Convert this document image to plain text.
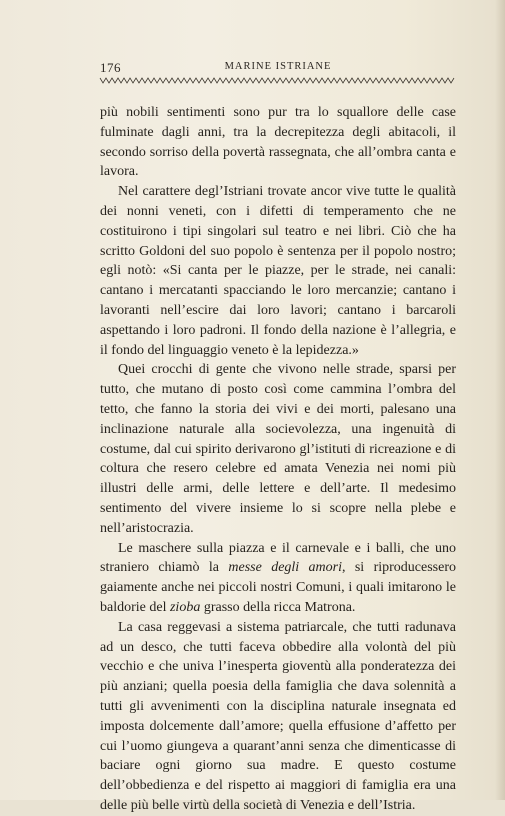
176	MARINE ISTRIANE

più nobili sentimenti sono pur tra lo squallore delle case fulminate dagli anni, tra la decrepitezza degli abitacoli, il secondo sorriso della povertà rassegnata, che all’ombra canta e lavora.

Nel carattere degl’Istriani trovate ancor vive tutte le qualità dei nonni veneti, con i difetti di temperamento che ne costituirono i tipi singolari sul teatro e nei libri. Ciò che ha scritto Goldoni del suo popolo è sentenza per il popolo nostro; egli notò: «Si canta per le piazze, per le strade, nei canali: cantano i mercatanti spacciando le loro mercanzie; cantano i lavoranti nell’escire dai loro lavori; cantano i barcaroli aspettando i loro padroni. Il fondo della nazione è l’allegria, e il fondo del linguaggio veneto è la lepidezza.»

Quei crocchi di gente che vivono nelle strade, sparsi per tutto, che mutano di posto così come cammina l’ombra del tetto, che fanno la storia dei vivi e dei morti, palesano una inclinazione naturale alla socievolezza, una ingenuità di costume, dal cui spirito derivarono gl’istituti di ricreazione e di coltura che resero celebre ed amata Venezia nei nomi più illustri delle armi, delle lettere e dell’arte. Il medesimo sentimento del vivere insieme lo si scopre nella plebe e nell’aristocrazia.

Le maschere sulla piazza e il carnevale e i balli, che uno straniero chiamò la messe degli amori, si riproducessero gaiamente anche nei piccoli nostri Comuni, i quali imitarono le baldorie del zioba grasso della ricca Matrona.

La casa reggevasi a sistema patriarcale, che tutti radunava ad un desco, che tutti faceva obbedire alla volontà del più vecchio e che univa l’inesperta gioventù alla ponderatezza dei più anziani; quella poesia della famiglia che dava solennità a tutti gli avvenimenti con la disciplina naturale insegnata ed imposta dolcemente dall’amore; quella effusione d’affetto per cui l’uomo giungeva a quarant’anni senza che dimenticasse di baciare ogni giorno sua madre. E questo costume dell’obbedienza e del rispetto ai maggiori di famiglia era una delle più belle virtù della società di Venezia e dell’Istria.
